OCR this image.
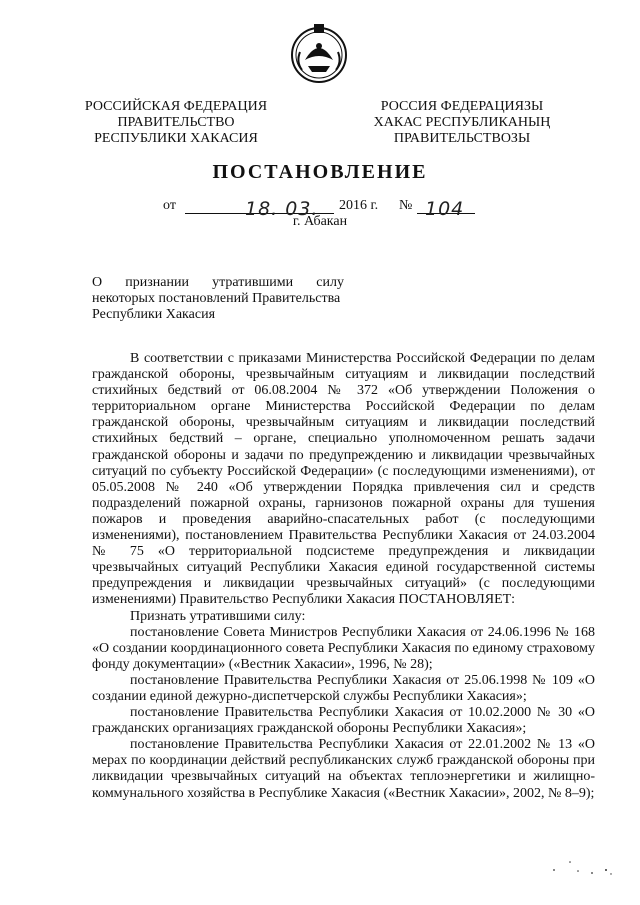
РОССИЙСКАЯ ФЕДЕРАЦИЯ
ПРАВИТЕЛЬСТВО
РЕСПУБЛИКИ ХАКАСИЯ
РОССИЯ ФЕДЕРАЦИЯЗЫ
ХАКАС РЕСПУБЛИКАНЫҢ
ПРАВИТЕЛЬСТВОЗЫ
ПОСТАНОВЛЕНИЕ
от	18. 03. 2016 г. № 104
г. Абакан
О признании утратившими силу
некоторых постановлений Правительства
Республики Хакасия

В соответствии с приказами Министерства Российской Федерации по делам гражданской обороны, чрезвычайным ситуациям и ликвидации последствий стихийных бедствий от 06.08.2004 № 372 «Об утверждении Положения о территориальном органе Министерства Российской Федерации по делам гражданской обороны, чрезвычайным ситуациям и ликвидации последствий стихийных бедствий – органе, специально уполномоченном решать задачи гражданской обороны и задачи по предупреждению и ликвидации чрезвычайных ситуаций по субъекту Российской Федерации» (с последующими изменениями), от 05.05.2008 № 240 «Об утверждении Порядка привлечения сил и средств подразделений пожарной охраны, гарнизонов пожарной охраны для тушения пожаров и проведения аварийно-спасательных работ (с последующими изменениями), постановлением Правительства Республики Хакасия от 24.03.2004 № 75 «О территориальной подсистеме предупреждения и ликвидации чрезвычайных ситуаций Республики Хакасия единой государственной системы предупреждения и ликвидации чрезвычайных ситуаций» (с последующими изменениями) Правительство Республики Хакасия ПОСТАНОВЛЯЕТ:

Признать утратившими силу:

постановление Совета Министров Республики Хакасия от 24.06.1996 № 168 «О создании координационного совета Республики Хакасия по единому страховому фонду документации» («Вестник Хакасии», 1996, № 28);

постановление Правительства Республики Хакасия от 25.06.1998 № 109 «О создании единой дежурно-диспетчерской службы Республики Хакасия»;

постановление Правительства Республики Хакасия от 10.02.2000 № 30 «О гражданских организациях гражданской обороны Республики Хакасия»;

постановление Правительства Республики Хакасия от 22.01.2002 № 13 «О мерах по координации действий республиканских служб гражданской обороны при ликвидации чрезвычайных ситуаций на объектах теплоэнергетики и жилищно-коммунального хозяйства в Республике Хакасия («Вестник Хакасии», 2002, № 8–9);
